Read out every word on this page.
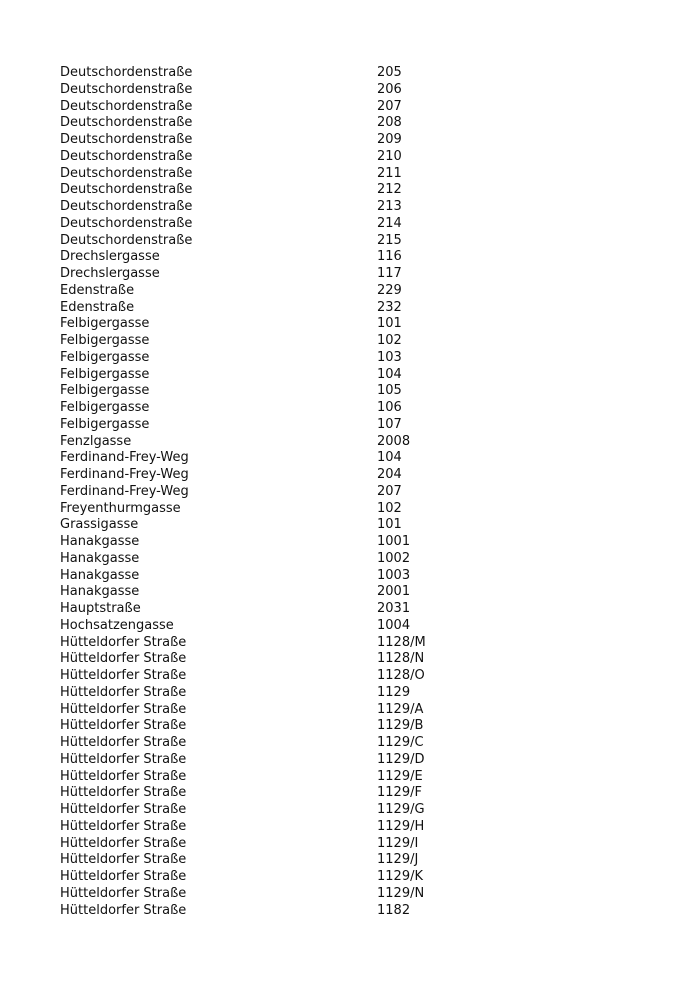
Deutschordenstraße	205
Deutschordenstraße	206
Deutschordenstraße	207
Deutschordenstraße	208
Deutschordenstraße	209
Deutschordenstraße	210
Deutschordenstraße	211
Deutschordenstraße	212
Deutschordenstraße	213
Deutschordenstraße	214
Deutschordenstraße	215
Drechslergasse	116
Drechslergasse	117
Edenstraße	229
Edenstraße	232
Felbigergasse	101
Felbigergasse	102
Felbigergasse	103
Felbigergasse	104
Felbigergasse	105
Felbigergasse	106
Felbigergasse	107
Fenzlgasse	2008
Ferdinand-Frey-Weg	104
Ferdinand-Frey-Weg	204
Ferdinand-Frey-Weg	207
Freyenthurmgasse	102
Grassigasse	101
Hanakgasse	1001
Hanakgasse	1002
Hanakgasse	1003
Hanakgasse	2001
Hauptstraße	2031
Hochsatzengasse	1004
Hütteldorfer Straße	1128/M
Hütteldorfer Straße	1128/N
Hütteldorfer Straße	1128/O
Hütteldorfer Straße	1129
Hütteldorfer Straße	1129/A
Hütteldorfer Straße	1129/B
Hütteldorfer Straße	1129/C
Hütteldorfer Straße	1129/D
Hütteldorfer Straße	1129/E
Hütteldorfer Straße	1129/F
Hütteldorfer Straße	1129/G
Hütteldorfer Straße	1129/H
Hütteldorfer Straße	1129/I
Hütteldorfer Straße	1129/J
Hütteldorfer Straße	1129/K
Hütteldorfer Straße	1129/N
Hütteldorfer Straße	1182
